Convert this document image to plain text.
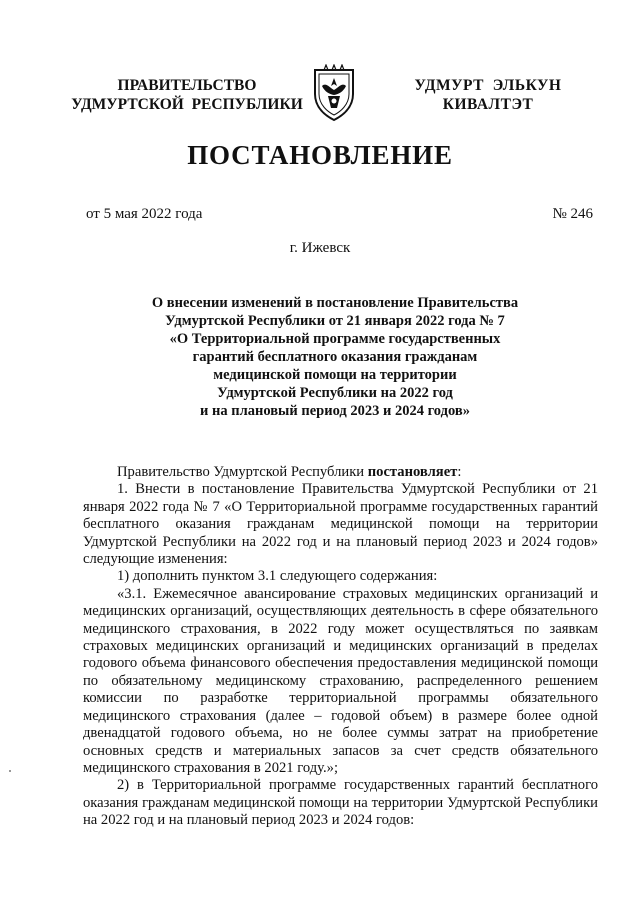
ПРАВИТЕЛЬСТВО
УДМУРТСКОЙ  РЕСПУБЛИКИ
УДМУРТ  ЭЛЬКУН
КИВАЛТЭТ
ПОСТАНОВЛЕНИЕ
от 5 мая 2022 года	№ 246
г. Ижевск
О внесении изменений в постановление Правительства
Удмуртской Республики от 21 января 2022 года № 7
«О Территориальной программе государственных
гарантий бесплатного оказания гражданам
медицинской помощи на территории
Удмуртской Республики на 2022 год
и на плановый период 2023 и 2024 годов»

Правительство Удмуртской Республики постановляет:

1. Внести в постановление Правительства Удмуртской Республики от 21 января 2022 года № 7 «О Территориальной программе государственных гарантий бесплатного оказания гражданам медицинской помощи на территории Удмуртской Республики на 2022 год и на плановый период 2023 и 2024 годов» следующие изменения:

1) дополнить пунктом 3.1 следующего содержания:

«3.1. Ежемесячное авансирование страховых медицинских организаций и медицинских организаций, осуществляющих деятельность в сфере обязательного медицинского страхования, в 2022 году может осуществляться по заявкам страховых медицинских организаций и медицинских организаций в пределах годового объема финансового обеспечения предоставления медицинской помощи по обязательному медицинскому страхованию, распределенного решением комиссии по разработке территориальной программы обязательного медицинского страхования (далее – годовой объем) в размере более одной двенадцатой годового объема, но не более суммы затрат на приобретение основных средств и материальных запасов за счет средств обязательного медицинского страхования в 2021 году.»;

2) в Территориальной программе государственных гарантий бесплатного оказания гражданам медицинской помощи на территории Удмуртской Республики на 2022 год и на плановый период 2023 и 2024 годов:
